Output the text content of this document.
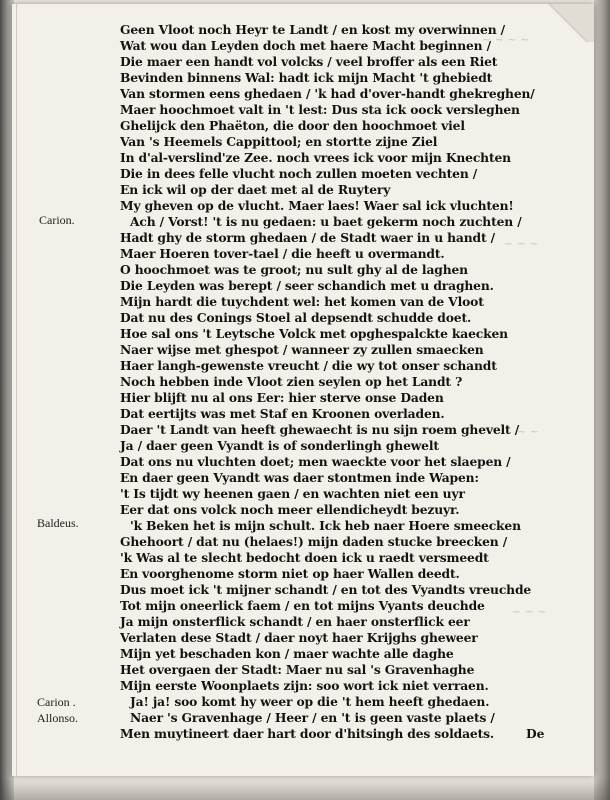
~ ~ ~ ~
~ ~ ~
~ ~
~ ~ ~
Carion.
Baldeus.
Carion .
Allonso.
Geen Vloot noch Heyr te Landt / en kost my overwinnen /
Wat wou dan Leyden doch met haere Macht beginnen /
Die maer een handt vol volcks / veel broffer als een Riet
Bevinden binnens Wal: hadt ick mijn Macht 't ghebiedt
Van stormen eens ghedaen / 'k had d'over-handt ghekreghen/
Maer hoochmoet valt in 't lest: Dus sta ick oock versleghen
Ghelijck den Phaëton, die door den hoochmoet viel
Van 's Heemels Cappittool; en stortte zijne Ziel
In d'al-verslind'ze Zee. noch vrees ick voor mijn Knechten
Die in dees felle vlucht noch zullen moeten vechten /
En ick wil op der daet met al de Ruytery
My gheven op de vlucht. Maer laes! Waer sal ick vluchten!
Ach / Vorst! 't is nu gedaen: u baet gekerm noch zuchten /
Hadt ghy de storm ghedaen / de Stadt waer in u handt /
Maer Hoeren tover-tael / die heeft u overmandt.
O hoochmoet was te groot; nu sult ghy al de laghen
Die Leyden was berept / seer schandich met u draghen.
Mijn hardt die tuychdent wel: het komen van de Vloot
Dat nu des Conings Stoel al depsendt schudde doet.
Hoe sal ons 't Leytsche Volck met opghespalckte kaecken
Naer wijse met ghespot / wanneer zy zullen smaecken
Haer langh-gewenste vreucht / die wy tot onser schandt
Noch hebben inde Vloot zien seylen op het Landt ?
Hier blijft nu al ons Eer: hier sterve onse Daden
Dat eertijts was met Staf en Kroonen overladen.
Daer 't Landt van heeft ghewaecht is nu sijn roem ghevelt /
Ja / daer geen Vyandt is of sonderlingh ghewelt
Dat ons nu vluchten doet; men waeckte voor het slaepen /
En daer geen Vyandt was daer stontmen inde Wapen:
't Is tijdt wy heenen gaen / en wachten niet een uyr
Eer dat ons volck noch meer ellendicheydt bezuyr.
'k Beken het is mijn schult. Ick heb naer Hoere smeecken
Ghehoort / dat nu (helaes!) mijn daden stucke breecken /
'k Was al te slecht bedocht doen ick u raedt versmeedt
En voorghenome storm niet op haer Wallen deedt.
Dus moet ick 't mijner schandt / en tot des Vyandts vreuchde
Tot mijn oneerlick faem / en tot mijns Vyants deuchde
Ja mijn onsterflick schandt / en haer onsterflick eer
Verlaten dese Stadt / daer noyt haer Krijghs gheweer
Mijn yet beschaden kon / maer wachte alle daghe
Het overgaen der Stadt: Maer nu sal 's Gravenhaghe
Mijn eerste Woonplaets zijn: soo wort ick niet verraen.
Ja! ja! soo komt hy weer op die 't hem heeft ghedaen.
Naer 's Gravenhage / Heer / en 't is geen vaste plaets /
Men muytineert daer hart door d'hitsingh des soldaets.	De
